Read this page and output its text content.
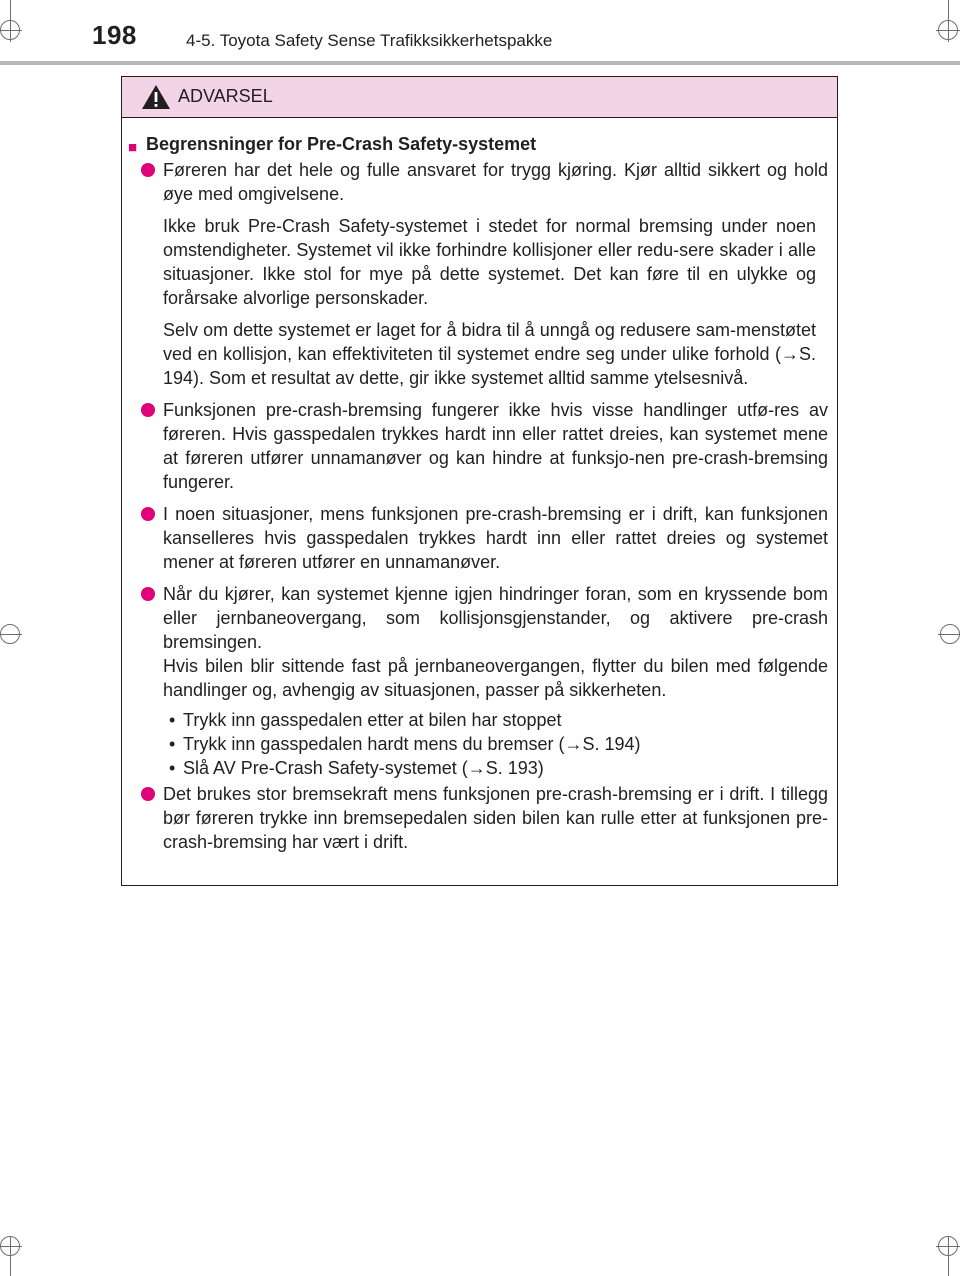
198	4-5. Toyota Safety Sense Trafikksikkerhetspakke
ADVARSEL
■ Begrensninger for Pre-Crash Safety-systemet
Føreren har det hele og fulle ansvaret for trygg kjøring. Kjør alltid sikkert og hold øye med omgivelsene.
Ikke bruk Pre-Crash Safety-systemet i stedet for normal bremsing under noen omstendigheter. Systemet vil ikke forhindre kollisjoner eller redu-sere skader i alle situasjoner. Ikke stol for mye på dette systemet. Det kan føre til en ulykke og forårsake alvorlige personskader.
Selv om dette systemet er laget for å bidra til å unngå og redusere sam-menstøtet ved en kollisjon, kan effektiviteten til systemet endre seg under ulike forhold (→S. 194). Som et resultat av dette, gir ikke systemet alltid samme ytelsesnivå.
Funksjonen pre-crash-bremsing fungerer ikke hvis visse handlinger utfø-res av føreren. Hvis gasspedalen trykkes hardt inn eller rattet dreies, kan systemet mene at føreren utfører unnamanøver og kan hindre at funksjo-nen pre-crash-bremsing fungerer.
I noen situasjoner, mens funksjonen pre-crash-bremsing er i drift, kan funksjonen kanselleres hvis gasspedalen trykkes hardt inn eller rattet dreies og systemet mener at føreren utfører en unnamanøver.
Når du kjører, kan systemet kjenne igjen hindringer foran, som en kryssende bom eller jernbaneovergang, som kollisjonsgjenstander, og aktivere pre-crash bremsingen.
Hvis bilen blir sittende fast på jernbaneovergangen, flytter du bilen med følgende handlinger og, avhengig av situasjonen, passer på sikkerheten.
• Trykk inn gasspedalen etter at bilen har stoppet
• Trykk inn gasspedalen hardt mens du bremser (→S. 194)
• Slå AV Pre-Crash Safety-systemet (→S. 193)
Det brukes stor bremsekraft mens funksjonen pre-crash-bremsing er i drift. I tillegg bør føreren trykke inn bremsepedalen siden bilen kan rulle etter at funksjonen pre-crash-bremsing har vært i drift.
